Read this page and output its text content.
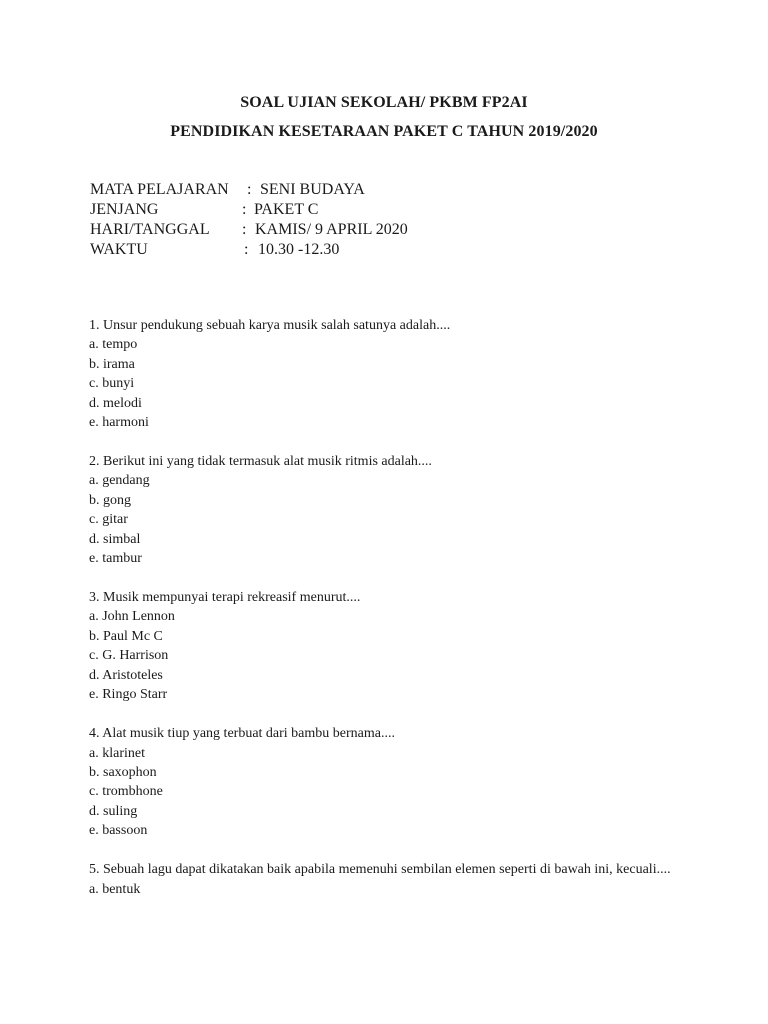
SOAL UJIAN SEKOLAH/ PKBM FP2AI
PENDIDIKAN KESETARAAN PAKET C TAHUN 2019/2020
MATA PELAJARAN : SENI BUDAYA
JENJANG	: PAKET C
HARI/TANGGAL : KAMIS/ 9 APRIL 2020
WAKTU	: 10.30 -12.30
1. Unsur pendukung sebuah karya musik salah satunya adalah....
a. tempo
b. irama
c. bunyi
d. melodi
e. harmoni
2. Berikut ini yang tidak termasuk alat musik ritmis adalah....
a. gendang
b. gong
c. gitar
d. simbal
e. tambur
3. Musik mempunyai terapi rekreasif menurut....
a. John Lennon
b. Paul Mc C
c. G. Harrison
d. Aristoteles
e. Ringo Starr
4. Alat musik tiup yang terbuat dari bambu bernama....
a. klarinet
b. saxophon
c. trombhone
d. suling
e. bassoon
5. Sebuah lagu dapat dikatakan baik apabila memenuhi sembilan elemen seperti di bawah ini, kecuali....
a. bentuk
